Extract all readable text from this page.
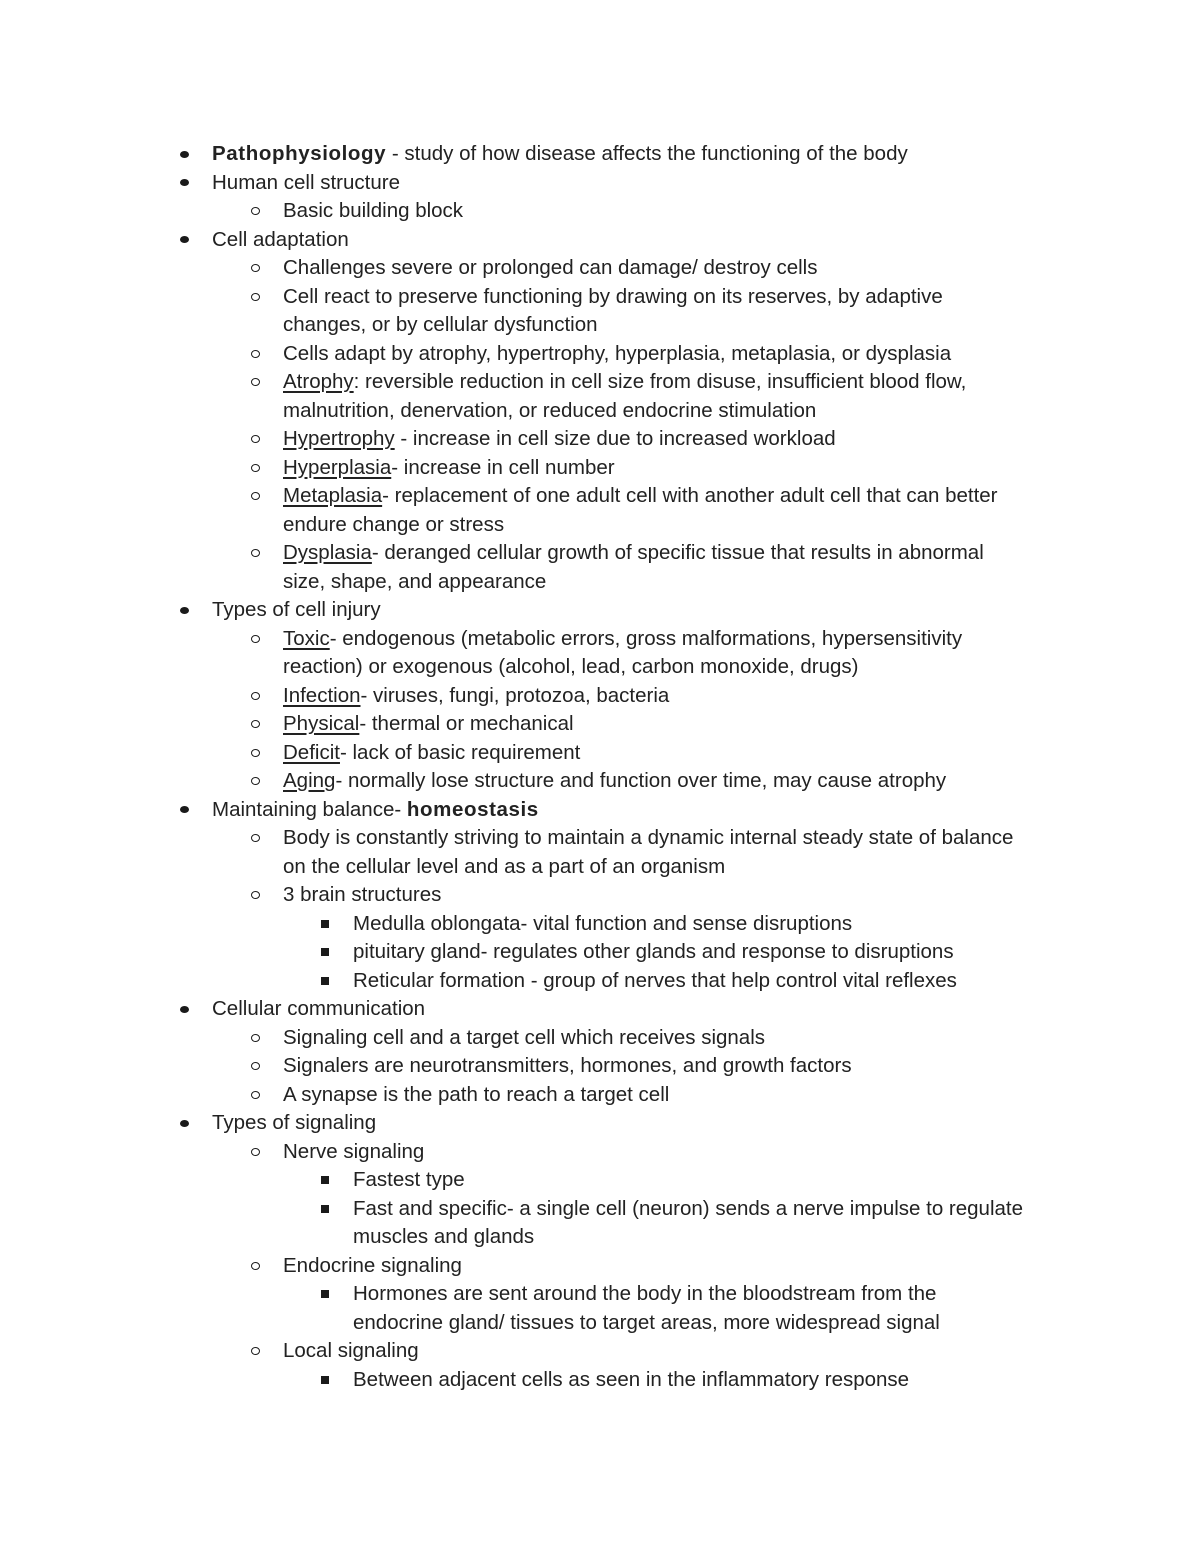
Pathophysiology - study of how disease affects the functioning of the body
Human cell structure
Basic building block
Cell adaptation
Challenges severe or prolonged can damage/ destroy cells
Cell react to preserve functioning by drawing on its reserves, by adaptive
changes, or by cellular dysfunction
Cells adapt by atrophy, hypertrophy, hyperplasia, metaplasia, or dysplasia
Atrophy: reversible reduction in cell size from disuse, insufficient blood flow,
malnutrition, denervation, or reduced endocrine stimulation
Hypertrophy - increase in cell size due to increased workload
Hyperplasia- increase in cell number
Metaplasia- replacement of one adult cell with another adult cell that can better
endure change or stress
Dysplasia- deranged cellular growth of specific tissue that results in abnormal
size, shape, and appearance
Types of cell injury
Toxic- endogenous (metabolic errors, gross malformations, hypersensitivity
reaction) or exogenous (alcohol, lead, carbon monoxide, drugs)
Infection- viruses, fungi, protozoa, bacteria
Physical- thermal or mechanical
Deficit- lack of basic requirement
Aging- normally lose structure and function over time, may cause atrophy
Maintaining balance- homeostasis
Body is constantly striving to maintain a dynamic internal steady state of balance
on the cellular level and as a part of an organism
3 brain structures
Medulla oblongata- vital function and sense disruptions
pituitary gland- regulates other glands and response to disruptions
Reticular formation - group of nerves that help control vital reflexes
Cellular communication
Signaling cell and a target cell which receives signals
Signalers are neurotransmitters, hormones, and growth factors
A synapse is the path to reach a target cell
Types of signaling
Nerve signaling
Fastest type
Fast and specific- a single cell (neuron) sends a nerve impulse to regulate
muscles and glands
Endocrine signaling
Hormones are sent around the body in the bloodstream from the
endocrine gland/ tissues to target areas, more widespread signal
Local signaling
Between adjacent cells as seen in the inflammatory response
